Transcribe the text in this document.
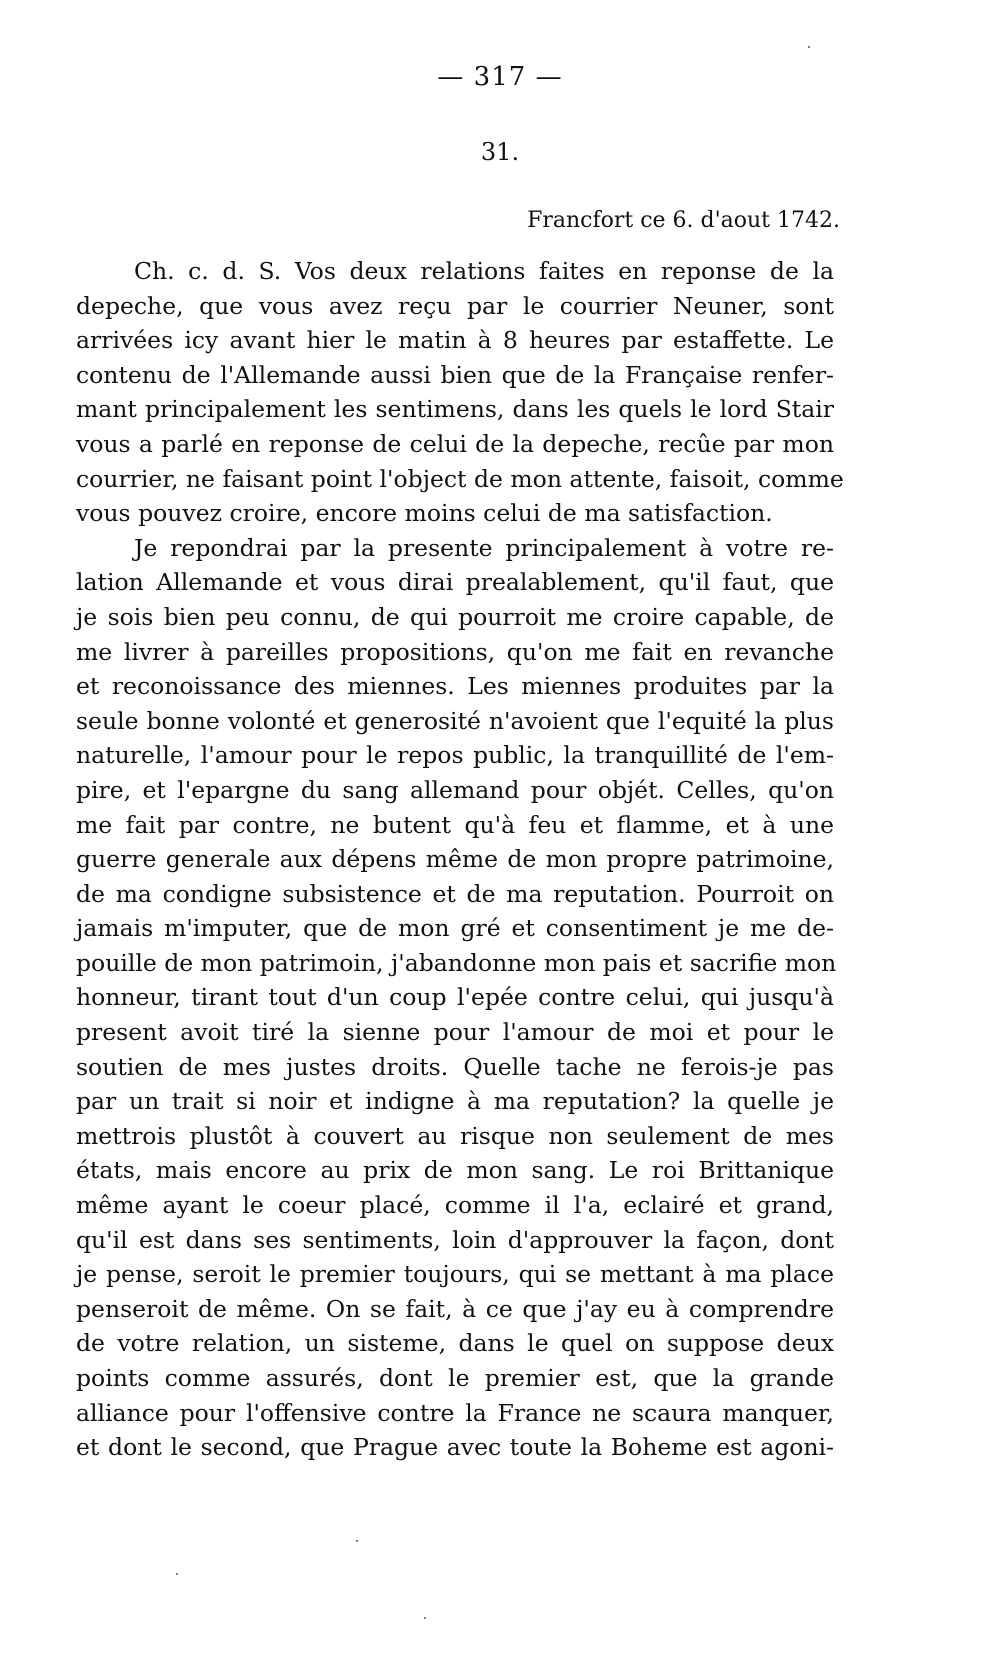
— 317 —
31.
Francfort ce 6. d'aout 1742.
Ch. c. d. S. Vos deux relations faites en reponse de la
depeche, que vous avez reçu par le courrier Neuner, sont
arrivées icy avant hier le matin à 8 heures par estaffette. Le
contenu de l'Allemande aussi bien que de la Française renfer-
mant principalement les sentimens, dans les quels le lord Stair
vous a parlé en reponse de celui de la depeche, recûe par mon
courrier, ne faisant point l'object de mon attente, faisoit, comme
vous pouvez croire, encore moins celui de ma satisfaction.
Je repondrai par la presente principalement à votre re-
lation Allemande et vous dirai prealablement, qu'il faut, que
je sois bien peu connu, de qui pourroit me croire capable, de
me livrer à pareilles propositions, qu'on me fait en revanche
et reconoissance des miennes. Les miennes produites par la
seule bonne volonté et generosité n'avoient que l'equité la plus
naturelle, l'amour pour le repos public, la tranquillité de l'em-
pire, et l'epargne du sang allemand pour objét. Celles, qu'on
me fait par contre, ne butent qu'à feu et flamme, et à une
guerre generale aux dépens même de mon propre patrimoine,
de ma condigne subsistence et de ma reputation. Pourroit on
jamais m'imputer, que de mon gré et consentiment je me de-
pouille de mon patrimoin, j'abandonne mon pais et sacrifie mon
honneur, tirant tout d'un coup l'epée contre celui, qui jusqu'à
present avoit tiré la sienne pour l'amour de moi et pour le
soutien de mes justes droits. Quelle tache ne ferois-je pas
par un trait si noir et indigne à ma reputation? la quelle je
mettrois plustôt à couvert au risque non seulement de mes
états, mais encore au prix de mon sang. Le roi Brittanique
même ayant le coeur placé, comme il l'a, eclairé et grand,
qu'il est dans ses sentiments, loin d'approuver la façon, dont
je pense, seroit le premier toujours, qui se mettant à ma place
penseroit de même. On se fait, à ce que j'ay eu à comprendre
de votre relation, un sisteme, dans le quel on suppose deux
points comme assurés, dont le premier est, que la grande
alliance pour l'offensive contre la France ne scaura manquer,
et dont le second, que Prague avec toute la Boheme est agoni-
